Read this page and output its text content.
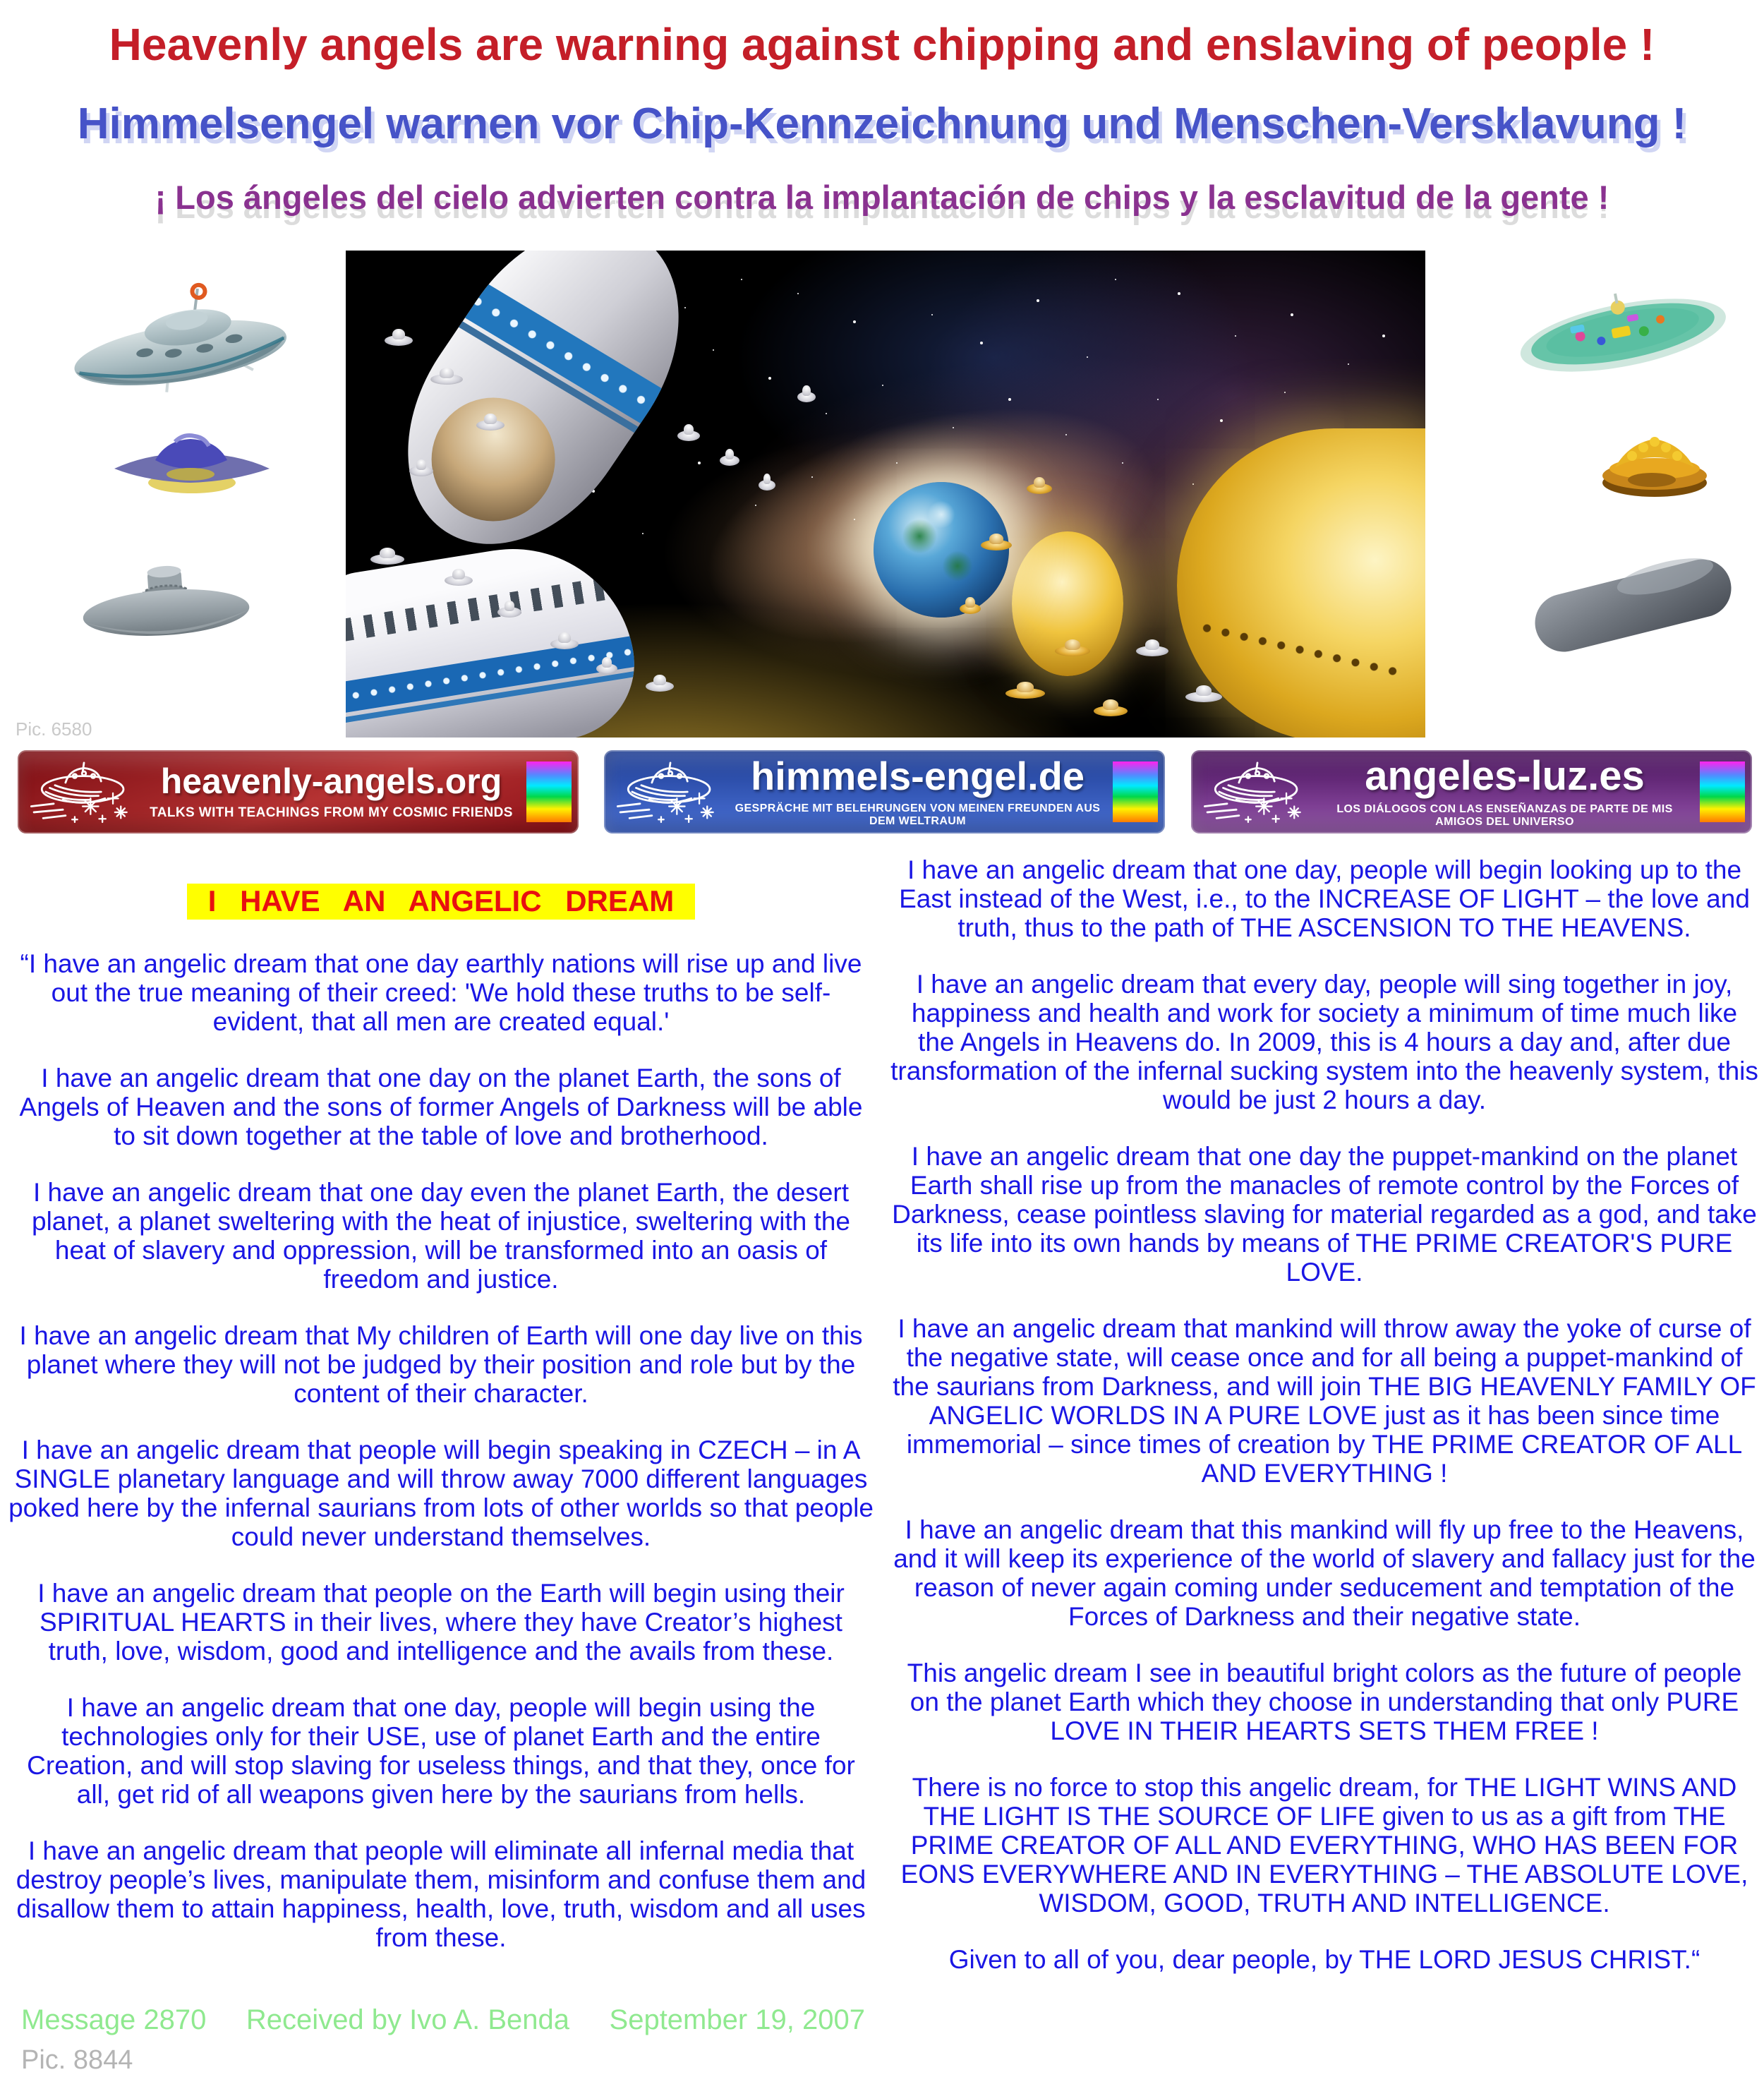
Heavenly angels are warning against chipping and enslaving of people !
Himmelsengel warnen vor Chip-Kennzeichnung und Menschen-Versklavung !
¡ Los ángeles del cielo advierten contra la implantación de chips y la esclavitud de la gente !
Pic. 6580
heavenly-angels.org
TALKS WITH TEACHINGS FROM MY COSMIC FRIENDS
himmels-engel.de
GESPRÄCHE MIT BELEHRUNGEN VON MEINEN FREUNDEN AUS DEM WELTRAUM
angeles-luz.es
LOS DIÁLOGOS CON LAS ENSEÑANZAS DE PARTE DE MIS AMIGOS DEL UNIVERSO
I HAVE AN ANGELIC DREAM

“I have an angelic dream that one day earthly nations will rise up and live out the true meaning of their creed: 'We hold these truths to be self-evident, that all men are created equal.'

I have an angelic dream that one day on the planet Earth, the sons of Angels of Heaven and the sons of former Angels of Darkness will be able to sit down together at the table of love and brotherhood.

I have an angelic dream that one day even the planet Earth, the desert planet, a planet sweltering with the heat of injustice, sweltering with the heat of slavery and oppression, will be transformed into an oasis of freedom and justice.

I have an angelic dream that My children of Earth will one day live on this planet where they will not be judged by their position and role but by the content of their character.

I have an angelic dream that people will begin speaking in CZECH – in A SINGLE planetary language and will throw away 7000 different languages poked here by the infernal saurians from lots of other worlds so that people could never understand themselves.

I have an angelic dream that people on the Earth will begin using their SPIRITUAL HEARTS in their lives, where they have Creator’s highest truth, love, wisdom, good and intelligence and the avails from these.

I have an angelic dream that one day, people will begin using the technologies only for their USE, use of planet Earth and the entire Creation, and will stop slaving for useless things, and that they, once for all, get rid of all weapons given here by the saurians from hells.

I have an angelic dream that people will eliminate all infernal media that destroy people’s lives, manipulate them, misinform and confuse them and disallow them to attain happiness, health, love, truth, wisdom and all uses from these.

I have an angelic dream that one day, people will begin looking up to the East instead of the West, i.e., to the INCREASE OF LIGHT – the love and truth, thus to the path of THE ASCENSION TO THE HEAVENS.

I have an angelic dream that every day, people will sing together in joy, happiness and health and work for society a minimum of time much like the Angels in Heavens do. In 2009, this is 4 hours a day and, after due transformation of the infernal sucking system into the heavenly system, this would be just 2 hours a day.

I have an angelic dream that one day the puppet-mankind on the planet Earth shall rise up from the manacles of remote control by the Forces of Darkness, cease pointless slaving for material regarded as a god, and take its life into its own hands by means of THE PRIME CREATOR'S PURE LOVE.

I have an angelic dream that mankind will throw away the yoke of curse of the negative state, will cease once and for all being a puppet-mankind of the saurians from Darkness, and will join THE BIG HEAVENLY FAMILY OF ANGELIC WORLDS IN A PURE LOVE just as it has been since time immemorial – since times of creation by THE PRIME CREATOR OF ALL AND EVERYTHING !

I have an angelic dream that this mankind will fly up free to the Heavens, and it will keep its experience of the world of slavery and fallacy just for the reason of never again coming under seducement and temptation of the Forces of Darkness and their negative state.

This angelic dream I see in beautiful bright colors as the future of people on the planet Earth which they choose in understanding that only PURE LOVE IN THEIR HEARTS SETS THEM FREE !

There is no force to stop this angelic dream, for THE LIGHT WINS AND THE LIGHT IS THE SOURCE OF LIFE given to us as a gift from THE PRIME CREATOR OF ALL AND EVERYTHING, WHO HAS BEEN FOR EONS EVERYWHERE AND IN EVERYTHING – THE ABSOLUTE LOVE, WISDOM, GOOD, TRUTH AND INTELLIGENCE.

Given to all of you, dear people, by THE LORD JESUS CHRIST.“

Message 2870 Received by Ivo A. Benda September 19, 2007
Pic. 8844
